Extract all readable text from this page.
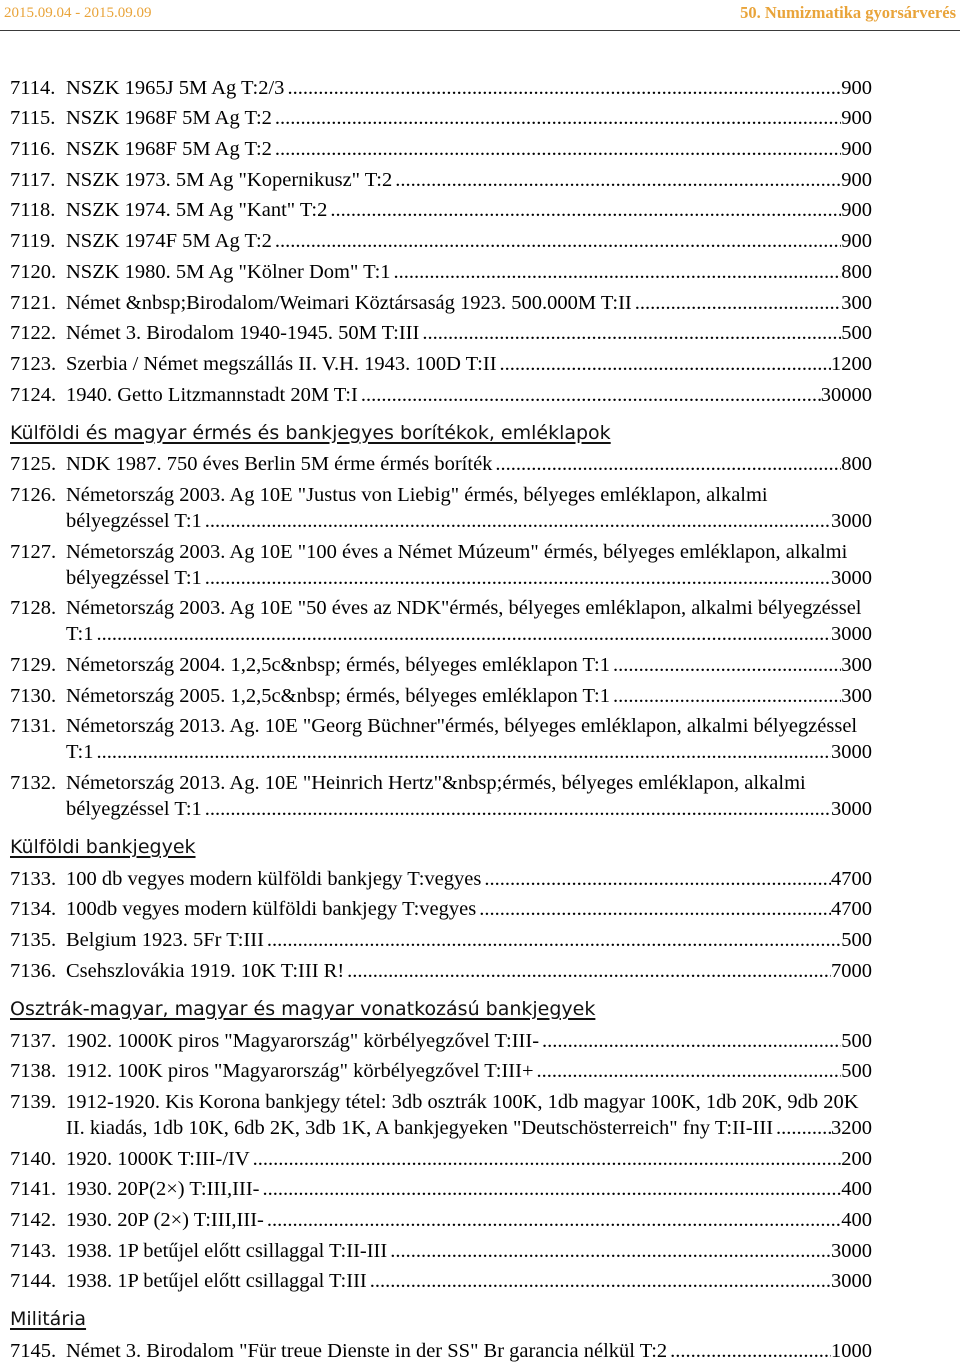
2015.09.04 - 2015.09.09	50. Numizmatika gyorsárverés
7114. NSZK 1965J 5M Ag T:2/3 .....	900
7115. NSZK 1968F 5M Ag T:2 .....	900
7116. NSZK 1968F 5M Ag T:2 .....	900
7117. NSZK 1973. 5M Ag "Kopernikusz" T:2 .....	900
7118. NSZK 1974. 5M Ag "Kant" T:2 .....	900
7119. NSZK 1974F 5M Ag T:2 .....	900
7120. NSZK 1980. 5M Ag "Kölner Dom" T:1 .....	800
7121. Német &nbsp;Birodalom/Weimari Köztársaság 1923. 500.000M T:II .....	300
7122. Német 3. Birodalom 1940-1945. 50M T:III .....	500
7123. Szerbia / Német megszállás II. V.H. 1943. 100D T:II .....	1200
7124. 1940. Getto Litzmannstadt 20M T:I .....	30000
Külföldi és magyar érmés és bankjegyes borítékok, emléklapok
7125. NDK 1987. 750 éves Berlin 5M érme érmés boríték .....	800
7126. Németország 2003. Ag 10E "Justus von Liebig" érmés, bélyeges emléklapon, alkalmi
bélyegzéssel T:1 .....	3000
7127. Németország 2003. Ag 10E "100 éves a Német Múzeum" érmés, bélyeges emléklapon, alkalmi
bélyegzéssel T:1 .....	3000
7128. Németország 2003. Ag 10E "50 éves az NDK"érmés, bélyeges emléklapon, alkalmi bélyegzéssel
T:1 .....	3000
7129. Németország 2004. 1,2,5c&nbsp; érmés, bélyeges emléklapon T:1 .....	300
7130. Németország 2005. 1,2,5c&nbsp; érmés, bélyeges emléklapon T:1 .....	300
7131. Németország 2013. Ag. 10E "Georg Büchner"érmés, bélyeges emléklapon, alkalmi bélyegzéssel
T:1 .....	3000
7132. Németország 2013. Ag. 10E "Heinrich Hertz"&nbsp;érmés, bélyeges emléklapon, alkalmi
bélyegzéssel T:1 .....	3000
Külföldi bankjegyek
7133. 100 db vegyes modern külföldi bankjegy T:vegyes .....	4700
7134. 100db vegyes modern külföldi bankjegy T:vegyes .....	4700
7135. Belgium 1923. 5Fr T:III .....	500
7136. Csehszlovákia 1919. 10K T:III R! .....	7000
Osztrák-magyar, magyar és magyar vonatkozású bankjegyek
7137. 1902. 1000K piros "Magyarország" körbélyegzővel T:III- .....	500
7138. 1912. 100K piros "Magyarország" körbélyegzővel T:III+ .....	500
7139. 1912-1920. Kis Korona bankjegy tétel: 3db osztrák 100K, 1db magyar 100K, 1db 20K, 9db 20K
II. kiadás, 1db 10K, 6db 2K, 3db 1K, A bankjegyeken "Deutschösterreich" fny T:II-III .....	3200
7140. 1920. 1000K T:III-/IV .....	200
7141. 1930. 20P(2×) T:III,III- .....	400
7142. 1930. 20P (2×) T:III,III- .....	400
7143. 1938. 1P betűjel előtt csillaggal T:II-III .....	3000
7144. 1938. 1P betűjel előtt csillaggal T:III .....	3000
Militária
7145. Német 3. Birodalom "Für treue Dienste in der SS" Br garancia nélkül T:2 .....	1000
